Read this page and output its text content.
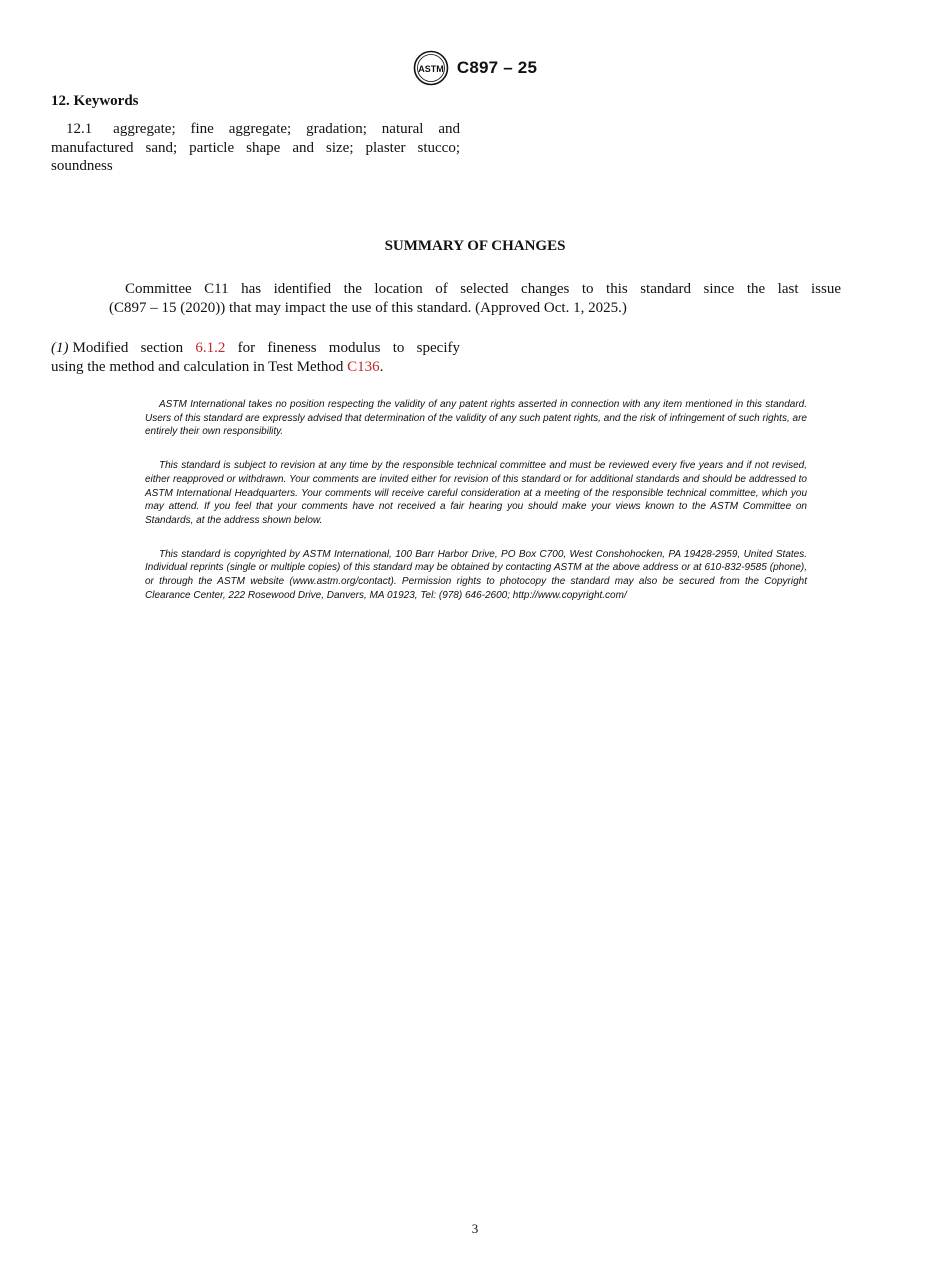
ASTM C897 – 25
12. Keywords
12.1 aggregate; fine aggregate; gradation; natural and manufactured sand; particle shape and size; plaster stucco; soundness
SUMMARY OF CHANGES
Committee C11 has identified the location of selected changes to this standard since the last issue
(C897 – 15 (2020)) that may impact the use of this standard. (Approved Oct. 1, 2025.)
(1) Modified section 6.1.2 for fineness modulus to specify
using the method and calculation in Test Method C136.

ASTM International takes no position respecting the validity of any patent rights asserted in connection with any item mentioned in this standard. Users of this standard are expressly advised that determination of the validity of any such patent rights, and the risk of infringement of such rights, are entirely their own responsibility.

This standard is subject to revision at any time by the responsible technical committee and must be reviewed every five years and if not revised, either reapproved or withdrawn. Your comments are invited either for revision of this standard or for additional standards and should be addressed to ASTM International Headquarters. Your comments will receive careful consideration at a meeting of the responsible technical committee, which you may attend. If you feel that your comments have not received a fair hearing you should make your views known to the ASTM Committee on Standards, at the address shown below.

This standard is copyrighted by ASTM International, 100 Barr Harbor Drive, PO Box C700, West Conshohocken, PA 19428-2959, United States. Individual reprints (single or multiple copies) of this standard may be obtained by contacting ASTM at the above address or at 610-832-9585 (phone), or through the ASTM website (www.astm.org/contact). Permission rights to photocopy the standard may also be secured from the Copyright Clearance Center, 222 Rosewood Drive, Danvers, MA 01923, Tel: (978) 646-2600; http://www.copyright.com/

3
